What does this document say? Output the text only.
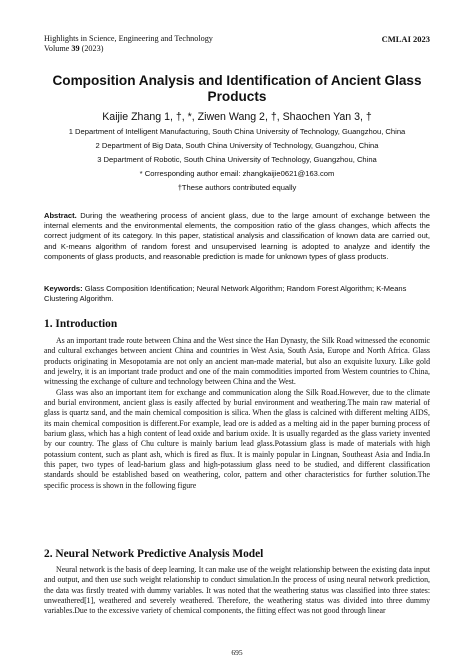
Highlights in Science, Engineering and Technology
Volume 39 (2023)
CMLAI 2023
Composition Analysis and Identification of Ancient Glass Products
Kaijie Zhang 1, †, *, Ziwen Wang 2, †, Shaochen Yan 3, †

1 Department of Intelligent Manufacturing, South China University of Technology, Guangzhou, China

2 Department of Big Data, South China University of Technology, Guangzhou, China

3 Department of Robotic, South China University of Technology, Guangzhou, China

* Corresponding author email: zhangkaijie0621@163.com

†These authors contributed equally

Abstract. During the weathering process of ancient glass, due to the large amount of exchange between the internal elements and the environmental elements, the composition ratio of the glass changes, which affects the correct judgment of its category. In this paper, statistical analysis and classification of known data are carried out, and K-means algorithm of random forest and unsupervised learning is adopted to analyze and identify the components of glass products, and reasonable prediction is made for unknown types of glass products.
Keywords: Glass Composition Identification; Neural Network Algorithm; Random Forest Algorithm; K-Means Clustering Algorithm.
1. Introduction

As an important trade route between China and the West since the Han Dynasty, the Silk Road witnessed the economic and cultural exchanges between ancient China and countries in West Asia, South Asia, Europe and North Africa. Glass products originating in Mesopotamia are not only an ancient man-made material, but also an exquisite luxury. Like gold and jewelry, it is an important trade product and one of the main commodities imported from Western countries to China, witnessing the exchange of culture and technology between China and the West.

Glass was also an important item for exchange and communication along the Silk Road.However, due to the climate and burial environment, ancient glass is easily affected by burial environment and weathering.The main raw material of glass is quartz sand, and the main chemical composition is silica. When the glass is calcined with different melting AIDS, its main chemical composition is different.For example, lead ore is added as a melting aid in the paper burning process of barium glass, which has a high content of lead oxide and barium oxide. It is usually regarded as the glass variety invented by our country. The glass of Chu culture is mainly barium lead glass.Potassium glass is made of materials with high potassium content, such as plant ash, which is fired as flux. It is mainly popular in Lingnan, Southeast Asia and India.In this paper, two types of lead-barium glass and high-potassium glass need to be studied, and different classification standards should be established based on weathering, color, pattern and other characteristics for further solution.The specific process is shown in the following figure

2. Neural Network Predictive Analysis Model

Neural network is the basis of deep learning. It can make use of the weight relationship between the existing data input and output, and then use such weight relationship to conduct simulation.In the process of using neural network prediction, the data was firstly treated with dummy variables. It was noted that the weathering status was classified into three states: unweathered[1], weathered and severely weathered. Therefore, the weathering status was divided into three dummy variables.Due to the excessive variety of chemical components, the fitting effect was not good through linear

695
